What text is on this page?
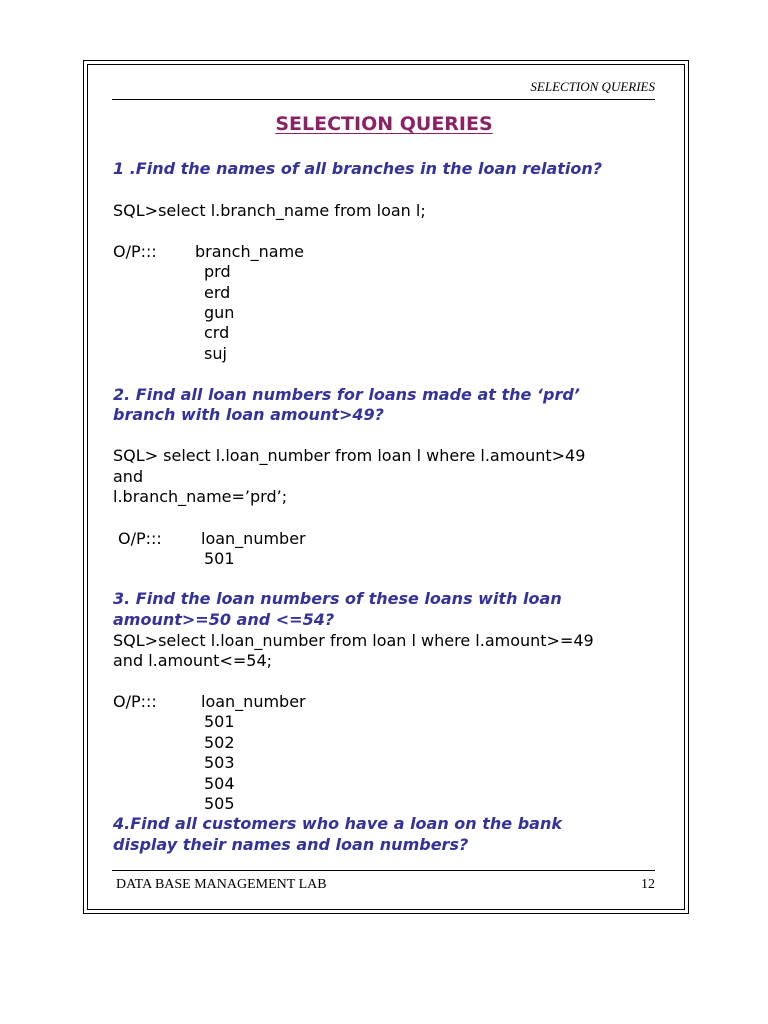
SELECTION QUERIES
SELECTION QUERIES
1 .Find the names of all branches in the loan relation?
SQL>select l.branch_name from loan l;
O/P::: branch_name
prd
erd
gun
crd
suj
2. Find all loan numbers for loans made at the ‘prd’
branch with loan amount>49?
SQL> select l.loan_number from loan l where l.amount>49
and
l.branch_name=’prd’;
O/P::: loan_number
501
3. Find the loan numbers of these loans with loan
amount>=50 and <=54?
SQL>select l.loan_number from loan l where l.amount>=49
and l.amount<=54;
O/P:::	loan_number
501
502
503
504
505
4.Find all customers who have a loan on the bank
display their names and loan numbers?
DATA BASE MANAGEMENT LAB	12
